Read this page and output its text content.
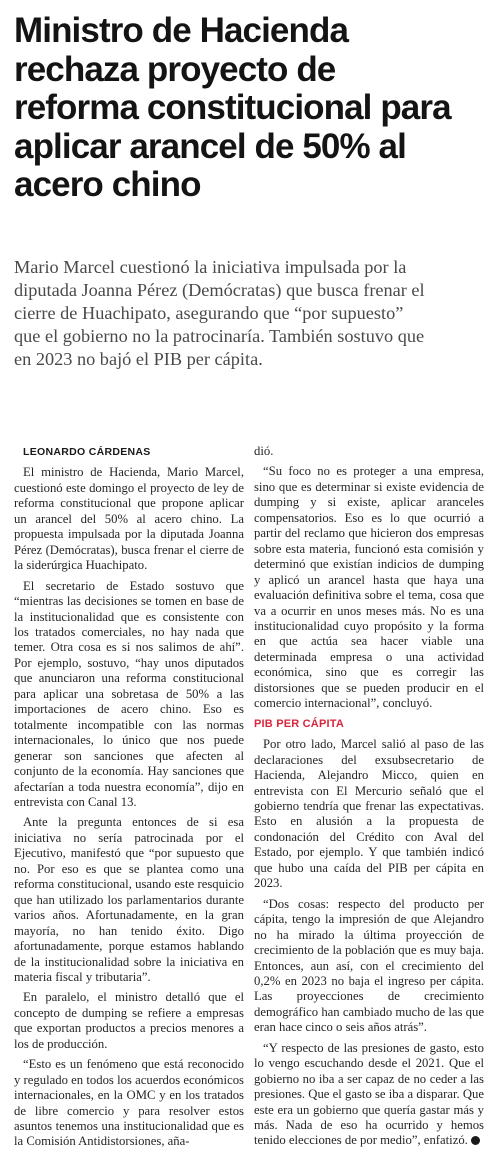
Ministro de Hacienda
rechaza proyecto de
reforma constitucional para
aplicar arancel de 50% al
acero chino

Mario Marcel cuestionó la iniciativa impulsada por la
diputada Joanna Pérez (Demócratas) que busca frenar el
cierre de Huachipato, asegurando que “por supuesto”
que el gobierno no la patrocinaría. También sostuvo que
en 2023 no bajó el PIB per cápita.

LEONARDO CÁRDENAS

El ministro de Hacienda, Mario Marcel, cuestionó este domingo el proyecto de ley de reforma constitucional que propone aplicar un arancel del 50% al acero chino. La propuesta impulsada por la diputada Joanna Pérez (Demócratas), busca frenar el cierre de la siderúrgica Huachipato.

El secretario de Estado sostuvo que “mientras las decisiones se tomen en base de la institucionalidad que es consistente con los tratados comerciales, no hay nada que temer. Otra cosa es si nos salimos de ahí”. Por ejemplo, sostuvo, “hay unos diputados que anunciaron una reforma constitucional para aplicar una sobretasa de 50% a las importaciones de acero chino. Eso es totalmente incompatible con las normas internacionales, lo único que nos puede generar son sanciones que afecten al conjunto de la economía. Hay sanciones que afectarían a toda nuestra economía”, dijo en entrevista con Canal 13.

Ante la pregunta entonces de si esa iniciativa no sería patrocinada por el Ejecutivo, manifestó que “por supuesto que no. Por eso es que se plantea como una reforma constitucional, usando este resquicio que han utilizado los parlamentarios durante varios años. Afortunadamente, en la gran mayoría, no han tenido éxito. Digo afortunadamente, porque estamos hablando de la institucionalidad sobre la iniciativa en materia fiscal y tributaria”.

En paralelo, el ministro detalló que el concepto de dumping se refiere a empresas que exportan productos a precios menores a los de producción.

“Esto es un fenómeno que está reconocido y regulado en todos los acuerdos económicos internacionales, en la OMC y en los tratados de libre comercio y para resolver estos asuntos tenemos una institucionalidad que es la Comisión Antidistorsiones, aña-

dió.

“Su foco no es proteger a una empresa, sino que es determinar si existe evidencia de dumping y si existe, aplicar aranceles compensatorios. Eso es lo que ocurrió a partir del reclamo que hicieron dos empresas sobre esta materia, funcionó esta comisión y determinó que existían indicios de dumping y aplicó un arancel hasta que haya una evaluación definitiva sobre el tema, cosa que va a ocurrir en unos meses más. No es una institucionalidad cuyo propósito y la forma en que actúa sea hacer viable una determinada empresa o una actividad económica, sino que es corregir las distorsiones que se pueden producir en el comercio internacional”, concluyó.

PIB PER CÁPITA

Por otro lado, Marcel salió al paso de las declaraciones del exsubsecretario de Hacienda, Alejandro Micco, quien en entrevista con El Mercurio señaló que el gobierno tendría que frenar las expectativas. Esto en alusión a la propuesta de condonación del Crédito con Aval del Estado, por ejemplo. Y que también indicó que hubo una caída del PIB per cápita en 2023.

“Dos cosas: respecto del producto per cápita, tengo la impresión de que Alejandro no ha mirado la última proyección de crecimiento de la población que es muy baja. Entonces, aun así, con el crecimiento del 0,2% en 2023 no baja el ingreso per cápita. Las proyecciones de crecimiento demográfico han cambiado mucho de las que eran hace cinco o seis años atrás”.

“Y respecto de las presiones de gasto, esto lo vengo escuchando desde el 2021. Que el gobierno no iba a ser capaz de no ceder a las presiones. Que el gasto se iba a disparar. Que este era un gobierno que quería gastar más y más. Nada de eso ha ocurrido y hemos tenido elecciones de por medio”, enfatizó.
